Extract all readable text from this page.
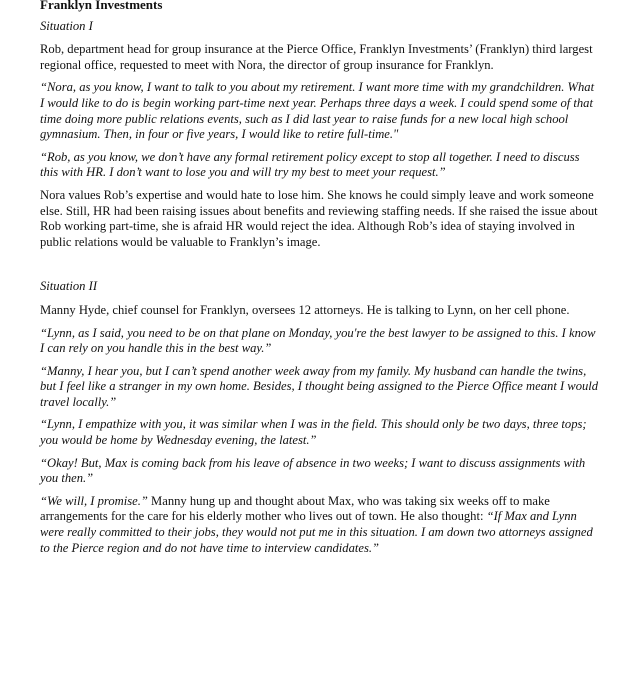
Franklyn Investments
Situation I

Rob, department head for group insurance at the Pierce Office, Franklyn Investments’ (Franklyn) third largest regional office, requested to meet with Nora, the director of group insurance for Franklyn.

“Nora, as you know, I want to talk to you about my retirement. I want more time with my grandchildren. What I would like to do is begin working part-time next year. Perhaps three days a week. I could spend some of that time doing more public relations events, such as I did last year to raise funds for a new local high school gymnasium. Then, in four or five years, I would like to retire full-time."

“Rob, as you know, we don’t have any formal retirement policy except to stop all together. I need to discuss this with HR. I don’t want to lose you and will try my best to meet your request.”

Nora values Rob’s expertise and would hate to lose him. She knows he could simply leave and work someone else. Still, HR had been raising issues about benefits and reviewing staffing needs. If she raised the issue about Rob working part-time, she is afraid HR would reject the idea. Although Rob’s idea of staying involved in public relations would be valuable to Franklyn’s image.

Situation II

Manny Hyde, chief counsel for Franklyn, oversees 12 attorneys. He is talking to Lynn, on her cell phone.

“Lynn, as I said, you need to be on that plane on Monday, you're the best lawyer to be assigned to this. I know I can rely on you handle this in the best way.”

“Manny, I hear you, but I can’t spend another week away from my family. My husband can handle the twins, but I feel like a stranger in my own home. Besides, I thought being assigned to the Pierce Office meant I would travel locally.”

“Lynn, I empathize with you, it was similar when I was in the field. This should only be two days, three tops; you would be home by Wednesday evening, the latest.”

“Okay! But, Max is coming back from his leave of absence in two weeks; I want to discuss assignments with you then.”

“We will, I promise.” Manny hung up and thought about Max, who was taking six weeks off to make arrangements for the care for his elderly mother who lives out of town. He also thought: “If Max and Lynn were really committed to their jobs, they would not put me in this situation. I am down two attorneys assigned to the Pierce region and do not have time to interview candidates.”
